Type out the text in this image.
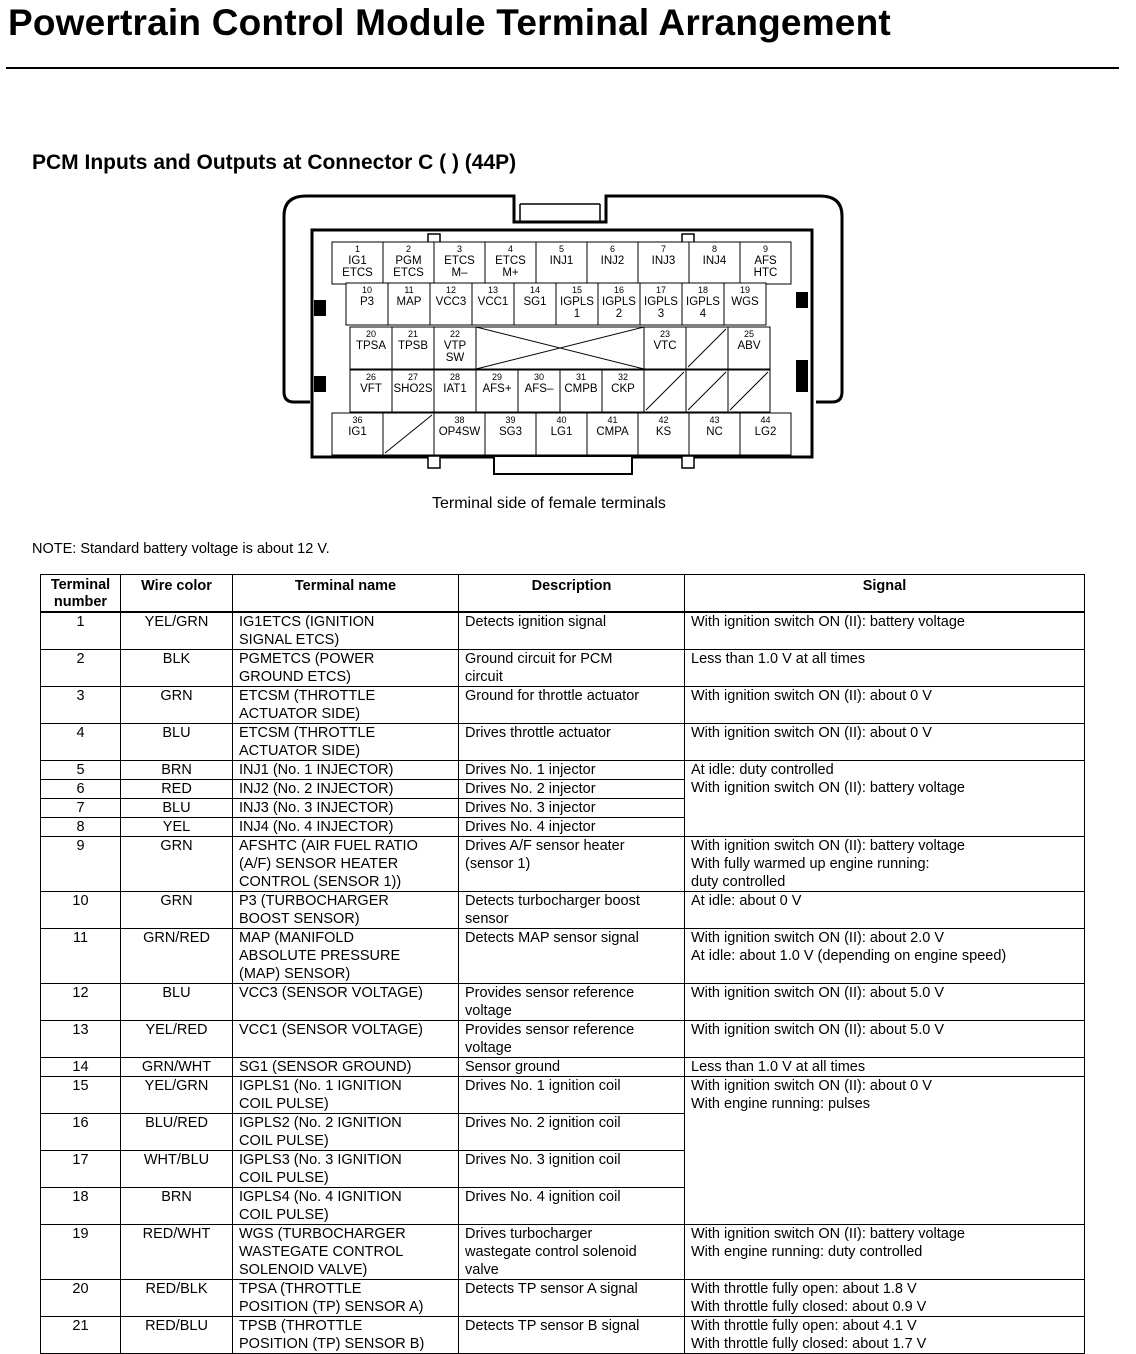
Powertrain Control Module Terminal Arrangement
PCM Inputs and Outputs at Connector C ( ) (44P)
1
IG1
ETCS
2
PGM
ETCS
3
ETCS
M–
4
ETCS
M+
5
INJ1
6
INJ2
7
INJ3
8
INJ4
9
AFS
HTC
10
P3
11
MAP
12
VCC3
13
VCC1
14
SG1
15
IGPLS
1
16
IGPLS
2
17
IGPLS
3
18
IGPLS
4
19
WGS
20
TPSA
21
TPSB
22
VTP
SW
23
VTC
25
ABV
26
VFT
27
SHO2S
28
IAT1
29
AFS+
30
AFS–
31
CMPB
32
CKP
36
IG1
38
OP4SW
39
SG3
40
LG1
41
CMPA
42
KS
43
NC
44
LG2
Terminal side of female terminals
NOTE: Standard battery voltage is about 12 V.
Terminal
number	Wire color	Terminal name	Description	Signal

1	YEL/GRN	IG1ETCS (IGNITION
SIGNAL ETCS)	Detects ignition signal	With ignition switch ON (II): battery voltage

2	BLK	PGMETCS (POWER
GROUND ETCS)	Ground circuit for PCM
circuit	Less than 1.0 V at all times

3	GRN	ETCSM (THROTTLE
ACTUATOR SIDE)	Ground for throttle actuator	With ignition switch ON (II): about 0 V

4	BLU	ETCSM (THROTTLE
ACTUATOR SIDE)	Drives throttle actuator	With ignition switch ON (II): about 0 V

5	BRN	INJ1 (No. 1 INJECTOR)	Drives No. 1 injector	At idle: duty controlled
With ignition switch ON (II): battery voltage

6	RED	INJ2 (No. 2 INJECTOR)	Drives No. 2 injector	

7	BLU	INJ3 (No. 3 INJECTOR)	Drives No. 3 injector	

8	YEL	INJ4 (No. 4 INJECTOR)	Drives No. 4 injector	

9	GRN	AFSHTC (AIR FUEL RATIO
(A/F) SENSOR HEATER
CONTROL (SENSOR 1))	Drives A/F sensor heater
(sensor 1)	With ignition switch ON (II): battery voltage
With fully warmed up engine running:
duty controlled

10	GRN	P3 (TURBOCHARGER
BOOST SENSOR)	Detects turbocharger boost
sensor	At idle: about 0 V

11	GRN/RED	MAP (MANIFOLD
ABSOLUTE PRESSURE
(MAP) SENSOR)	Detects MAP sensor signal	With ignition switch ON (II): about 2.0 V
At idle: about 1.0 V (depending on engine speed)

12	BLU	VCC3 (SENSOR VOLTAGE)	Provides sensor reference
voltage	With ignition switch ON (II): about 5.0 V

13	YEL/RED	VCC1 (SENSOR VOLTAGE)	Provides sensor reference
voltage	With ignition switch ON (II): about 5.0 V

14	GRN/WHT	SG1 (SENSOR GROUND)	Sensor ground	Less than 1.0 V at all times

15	YEL/GRN	IGPLS1 (No. 1 IGNITION
COIL PULSE)	Drives No. 1 ignition coil	With ignition switch ON (II): about 0 V
With engine running: pulses

16	BLU/RED	IGPLS2 (No. 2 IGNITION
COIL PULSE)	Drives No. 2 ignition coil	

17	WHT/BLU	IGPLS3 (No. 3 IGNITION
COIL PULSE)	Drives No. 3 ignition coil	

18	BRN	IGPLS4 (No. 4 IGNITION
COIL PULSE)	Drives No. 4 ignition coil	

19	RED/WHT	WGS (TURBOCHARGER
WASTEGATE CONTROL
SOLENOID VALVE)	Drives turbocharger
wastegate control solenoid
valve	With ignition switch ON (II): battery voltage
With engine running: duty controlled

20	RED/BLK	TPSA (THROTTLE
POSITION (TP) SENSOR A)	Detects TP sensor A signal	With throttle fully open: about 1.8 V
With throttle fully closed: about 0.9 V

21	RED/BLU	TPSB (THROTTLE
POSITION (TP) SENSOR B)	Detects TP sensor B signal	With throttle fully open: about 4.1 V
With throttle fully closed: about 1.7 V
